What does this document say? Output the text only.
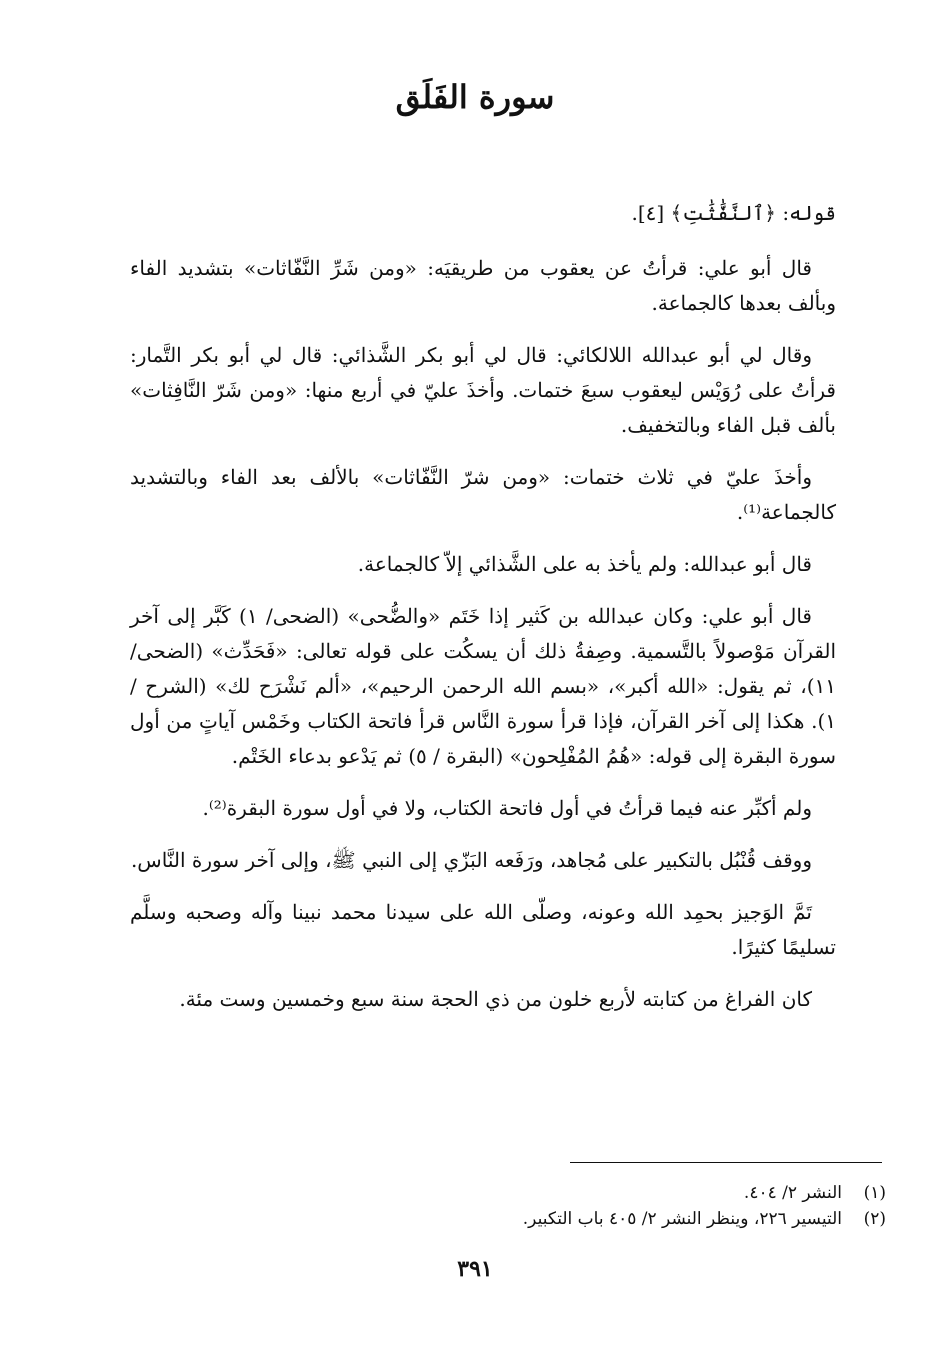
سورة الفَلَق

قوله: ﴿ٱلنَّفَّٰثَٰتِ﴾ [٤].

قال أبو علي: قرأتُ عن يعقوب من طريقيَه: «ومن شَرِّ النَّفّاثات» بتشديد الفاء وبألف بعدها كالجماعة.

وقال لي أبو عبدالله اللالكائي: قال لي أبو بكر الشَّذائي: قال لي أبو بكر التَّمار: قرأتُ على رُوَيْس ليعقوب سبعَ ختمات. وأخذَ عليّ في أربع منها: «ومن شَرّ النَّافِثات» بألف قبل الفاء وبالتخفيف.

وأخذَ عليّ في ثلاث ختمات: «ومن شرّ النَّفّاثات» بالألف بعد الفاء وبالتشديد كالجماعة⁽¹⁾.

قال أبو عبدالله: ولم يأخذ به على الشَّذائي إلاّ كالجماعة.

قال أبو علي: وكان عبدالله بن كَثير إذا خَتَم «والضُّحى» (الضحى/ ١) كَبَّر إلى آخر القرآن مَوْصولاً بالتَّسمية. وصِفةُ ذلك أن يسكُت على قوله تعالى: «فَحَدِّث» (الضحى/ ١١)، ثم يقول: «الله أكبر»، «بسم الله الرحمن الرحيم»، «ألم نَشْرَح لك» (الشرح / ١). هكذا إلى آخر القرآن، فإذا قرأ سورة النَّاس قرأ فاتحة الكتاب وخَمْس آياتٍ من أول سورة البقرة إلى قوله: «هُمُ المُفْلِحون» (البقرة / ٥) ثم يَدْعو بدعاء الخَتْم.

ولم أكبِّر عنه فيما قرأتُ في أول فاتحة الكتاب، ولا في أول سورة البقرة⁽²⁾.

ووقف قُنْبُل بالتكبير على مُجاهد، ورَفَعه البَزّي إلى النبي ﷺ، وإلى آخر سورة النَّاس.

تَمَّ الوَجيز بحمِد الله وعونه، وصلّى الله على سيدنا محمد نبينا وآله وصحبه وسلَّم تسليمًا كثيرًا.

كان الفراغ من كتابته لأربع خلون من ذي الحجة سنة سبع وخمسين وست مئة.

(١)النشر ٢/ ٤٠٤.
(٢)التيسير ٢٢٦، وينظر النشر ٢/ ٤٠٥ باب التكبير.
٣٩١
